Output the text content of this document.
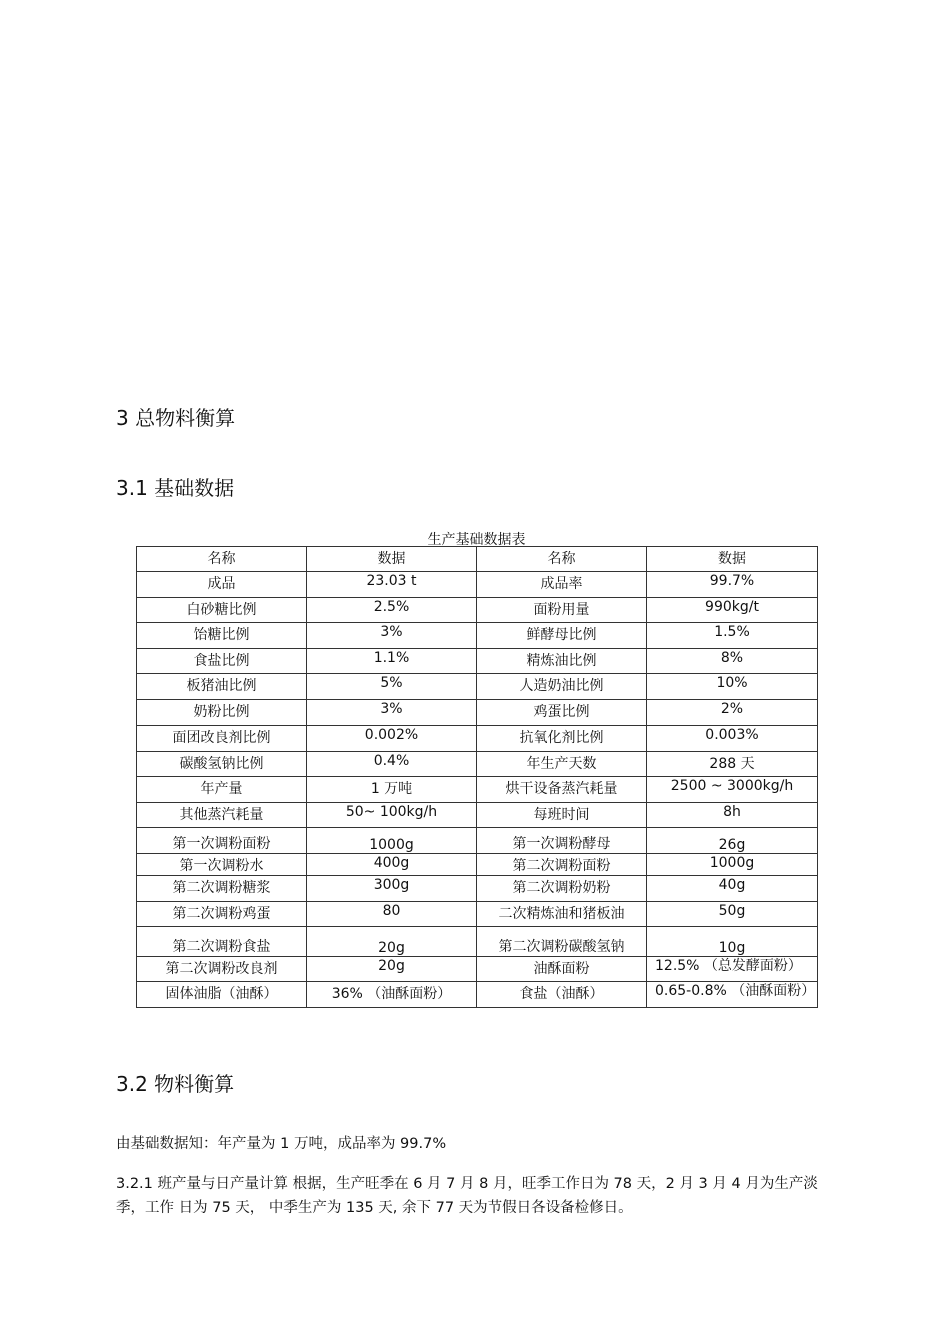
3 总物料衡算
3.1 基础数据
生产基础数据表
名称	数据	名称	数据
成品	23.03 t	成品率	99.7%
白砂糖比例	2.5%	面粉用量	990kg/t
饴糖比例	3%	鲜酵母比例	1.5%
食盐比例	1.1%	精炼油比例	8%
板猪油比例	5%	人造奶油比例	10%
奶粉比例	3%	鸡蛋比例	2%
面团改良剂比例	0.002%	抗氧化剂比例	0.003%
碳酸氢钠比例	0.4%	年生产天数	288 天
年产量	1 万吨	烘干设备蒸汽耗量	2500 ~ 3000kg/h
其他蒸汽耗量	50~ 100kg/h	每班时间	8h
第一次调粉面粉	1000g	第一次调粉酵母	26g
第一次调粉水	400g	第二次调粉面粉	1000g
第二次调粉糖浆	300g	第二次调粉奶粉	40g
第二次调粉鸡蛋	80	二次精炼油和猪板油	50g
第二次调粉食盐	20g	第二次调粉碳酸氢钠	10g
第二次调粉改良剂	20g	油酥面粉	12.5% （总发酵面粉）
固体油脂（油酥）	36% （油酥面粉）	食盐（油酥）	0.65-0.8% （油酥面粉）
3.2 物料衡算

由基础数据知：年产量为 1 万吨，成品率为 99.7%

3.2.1 班产量与日产量计算 根据，生产旺季在 6 月 7 月 8 月，旺季工作日为 78 天，2 月 3 月 4 月为生产淡季，工作 日为 75 天， 中季生产为 135 天, 余下 77 天为节假日各设备检修日。
